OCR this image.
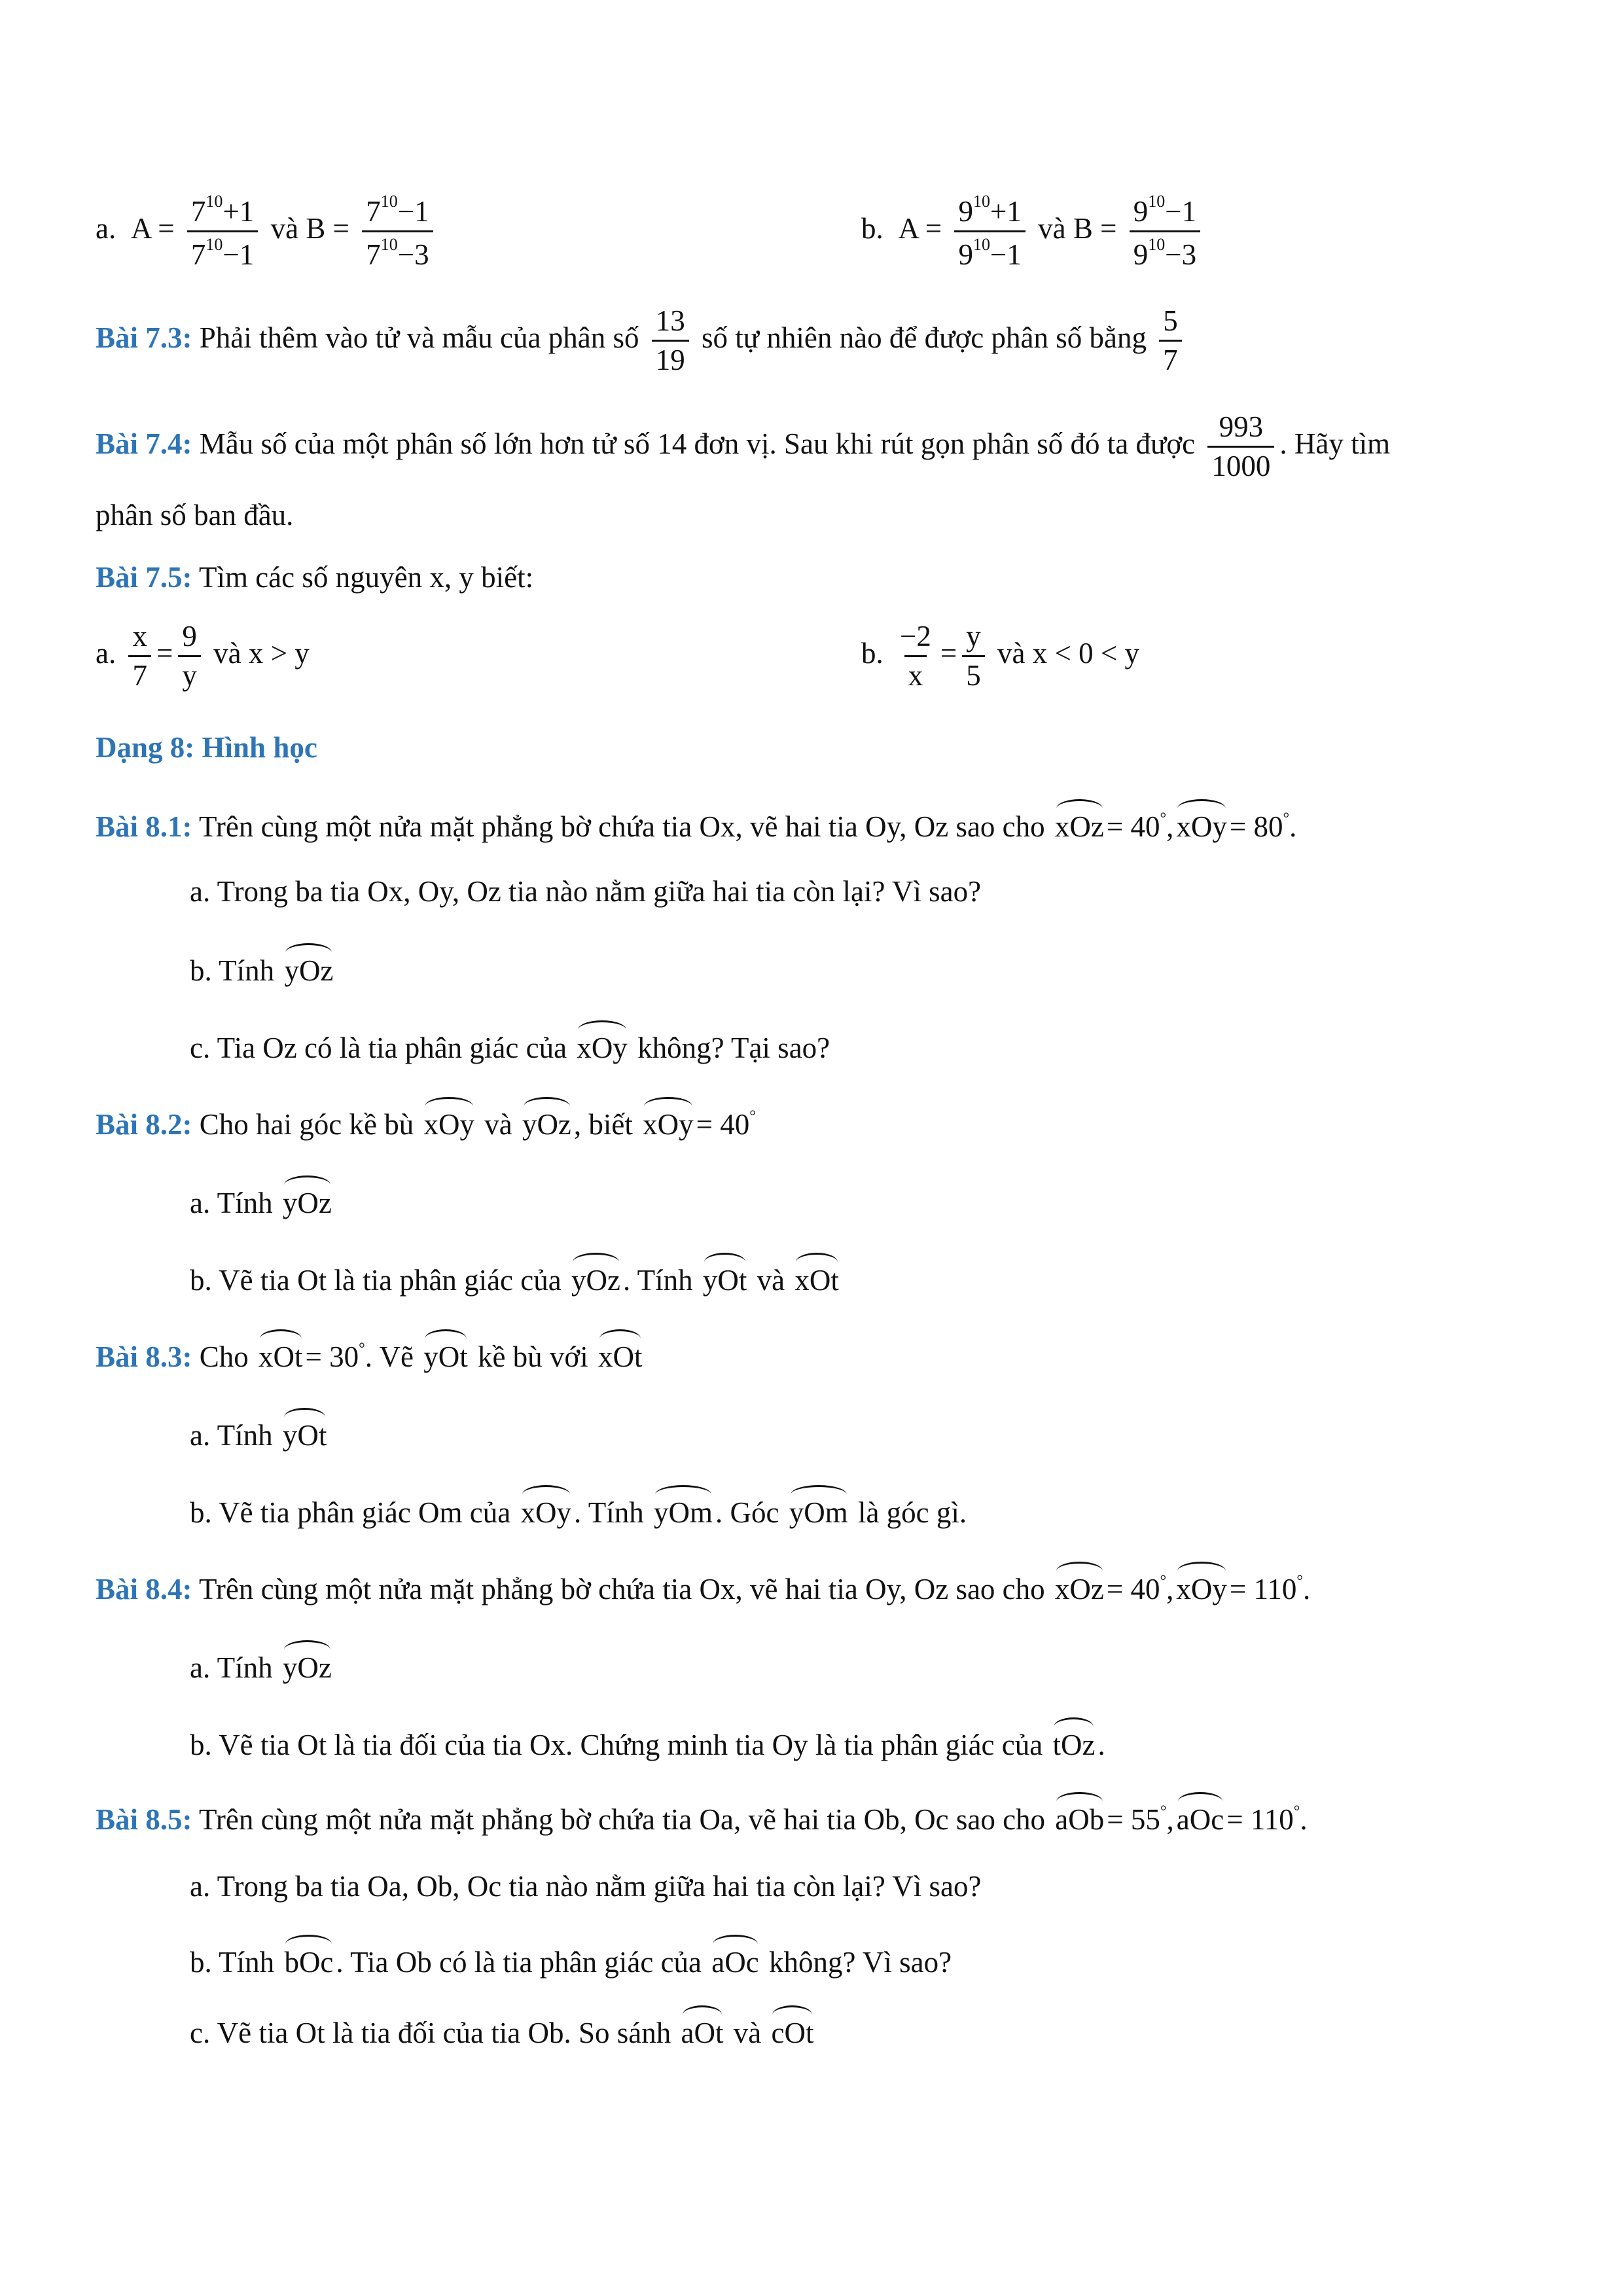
a. $A = \frac{7^{10}+1}{7^{10}-1}$ và $B = \frac{7^{10}-1}{7^{10}-3}$	b. $A = \frac{9^{10}+1}{9^{10}-1}$ và $B = \frac{9^{10}-1}{9^{10}-3}$
Bài 7.3: Phải thêm vào tử và mẫu của phân số $\frac{13}{19}$ số tự nhiên nào để được phân số bằng $\frac{5}{7}$
Bài 7.4: Mẫu số của một phân số lớn hơn tử số 14 đơn vị. Sau khi rút gọn phân số đó ta được $\frac{993}{1000}$ . Hãy tìm
phân số ban đầu.
Bài 7.5: Tìm các số nguyên x, y biết:
a. $\frac{x}{7} = \frac{9}{y}$ và x > y	b. $\frac{-2}{x} = \frac{y}{5}$ và x < 0 < y
Dạng 8: Hình học
Bài 8.1: Trên cùng một nửa mặt phẳng bờ chứa tia Ox, vẽ hai tia Oy, Oz sao cho xOz= 40°,xOy= 80°.
a. Trong ba tia Ox, Oy, Oz tia nào nằm giữa hai tia còn lại? Vì sao?
b. Tính yOz
c. Tia Oz có là tia phân giác của xOy không? Tại sao?
Bài 8.2: Cho hai góc kề bù xOy và yOz, biết xOy= 40°
a. Tính yOz
b. Vẽ tia Ot là tia phân giác của yOz. Tính yOt và xOt
Bài 8.3: Cho xOt= 30°. Vẽ yOt kề bù với xOt
a. Tính yOt
b. Vẽ tia phân giác Om của xOy. Tính yOm. Góc yOm là góc gì.
Bài 8.4: Trên cùng một nửa mặt phẳng bờ chứa tia Ox, vẽ hai tia Oy, Oz sao cho xOz= 40°,xOy= 110°.
a. Tính yOz
b. Vẽ tia Ot là tia đối của tia Ox. Chứng minh tia Oy là tia phân giác của tOz.
Bài 8.5: Trên cùng một nửa mặt phẳng bờ chứa tia Oa, vẽ hai tia Ob, Oc sao cho aOb= 55°,aOc= 110°.
a. Trong ba tia Oa, Ob, Oc tia nào nằm giữa hai tia còn lại? Vì sao?
b. Tính bOc. Tia Ob có là tia phân giác của aOc không? Vì sao?
c. Vẽ tia Ot là tia đối của tia Ob. So sánh aOt và cOt
